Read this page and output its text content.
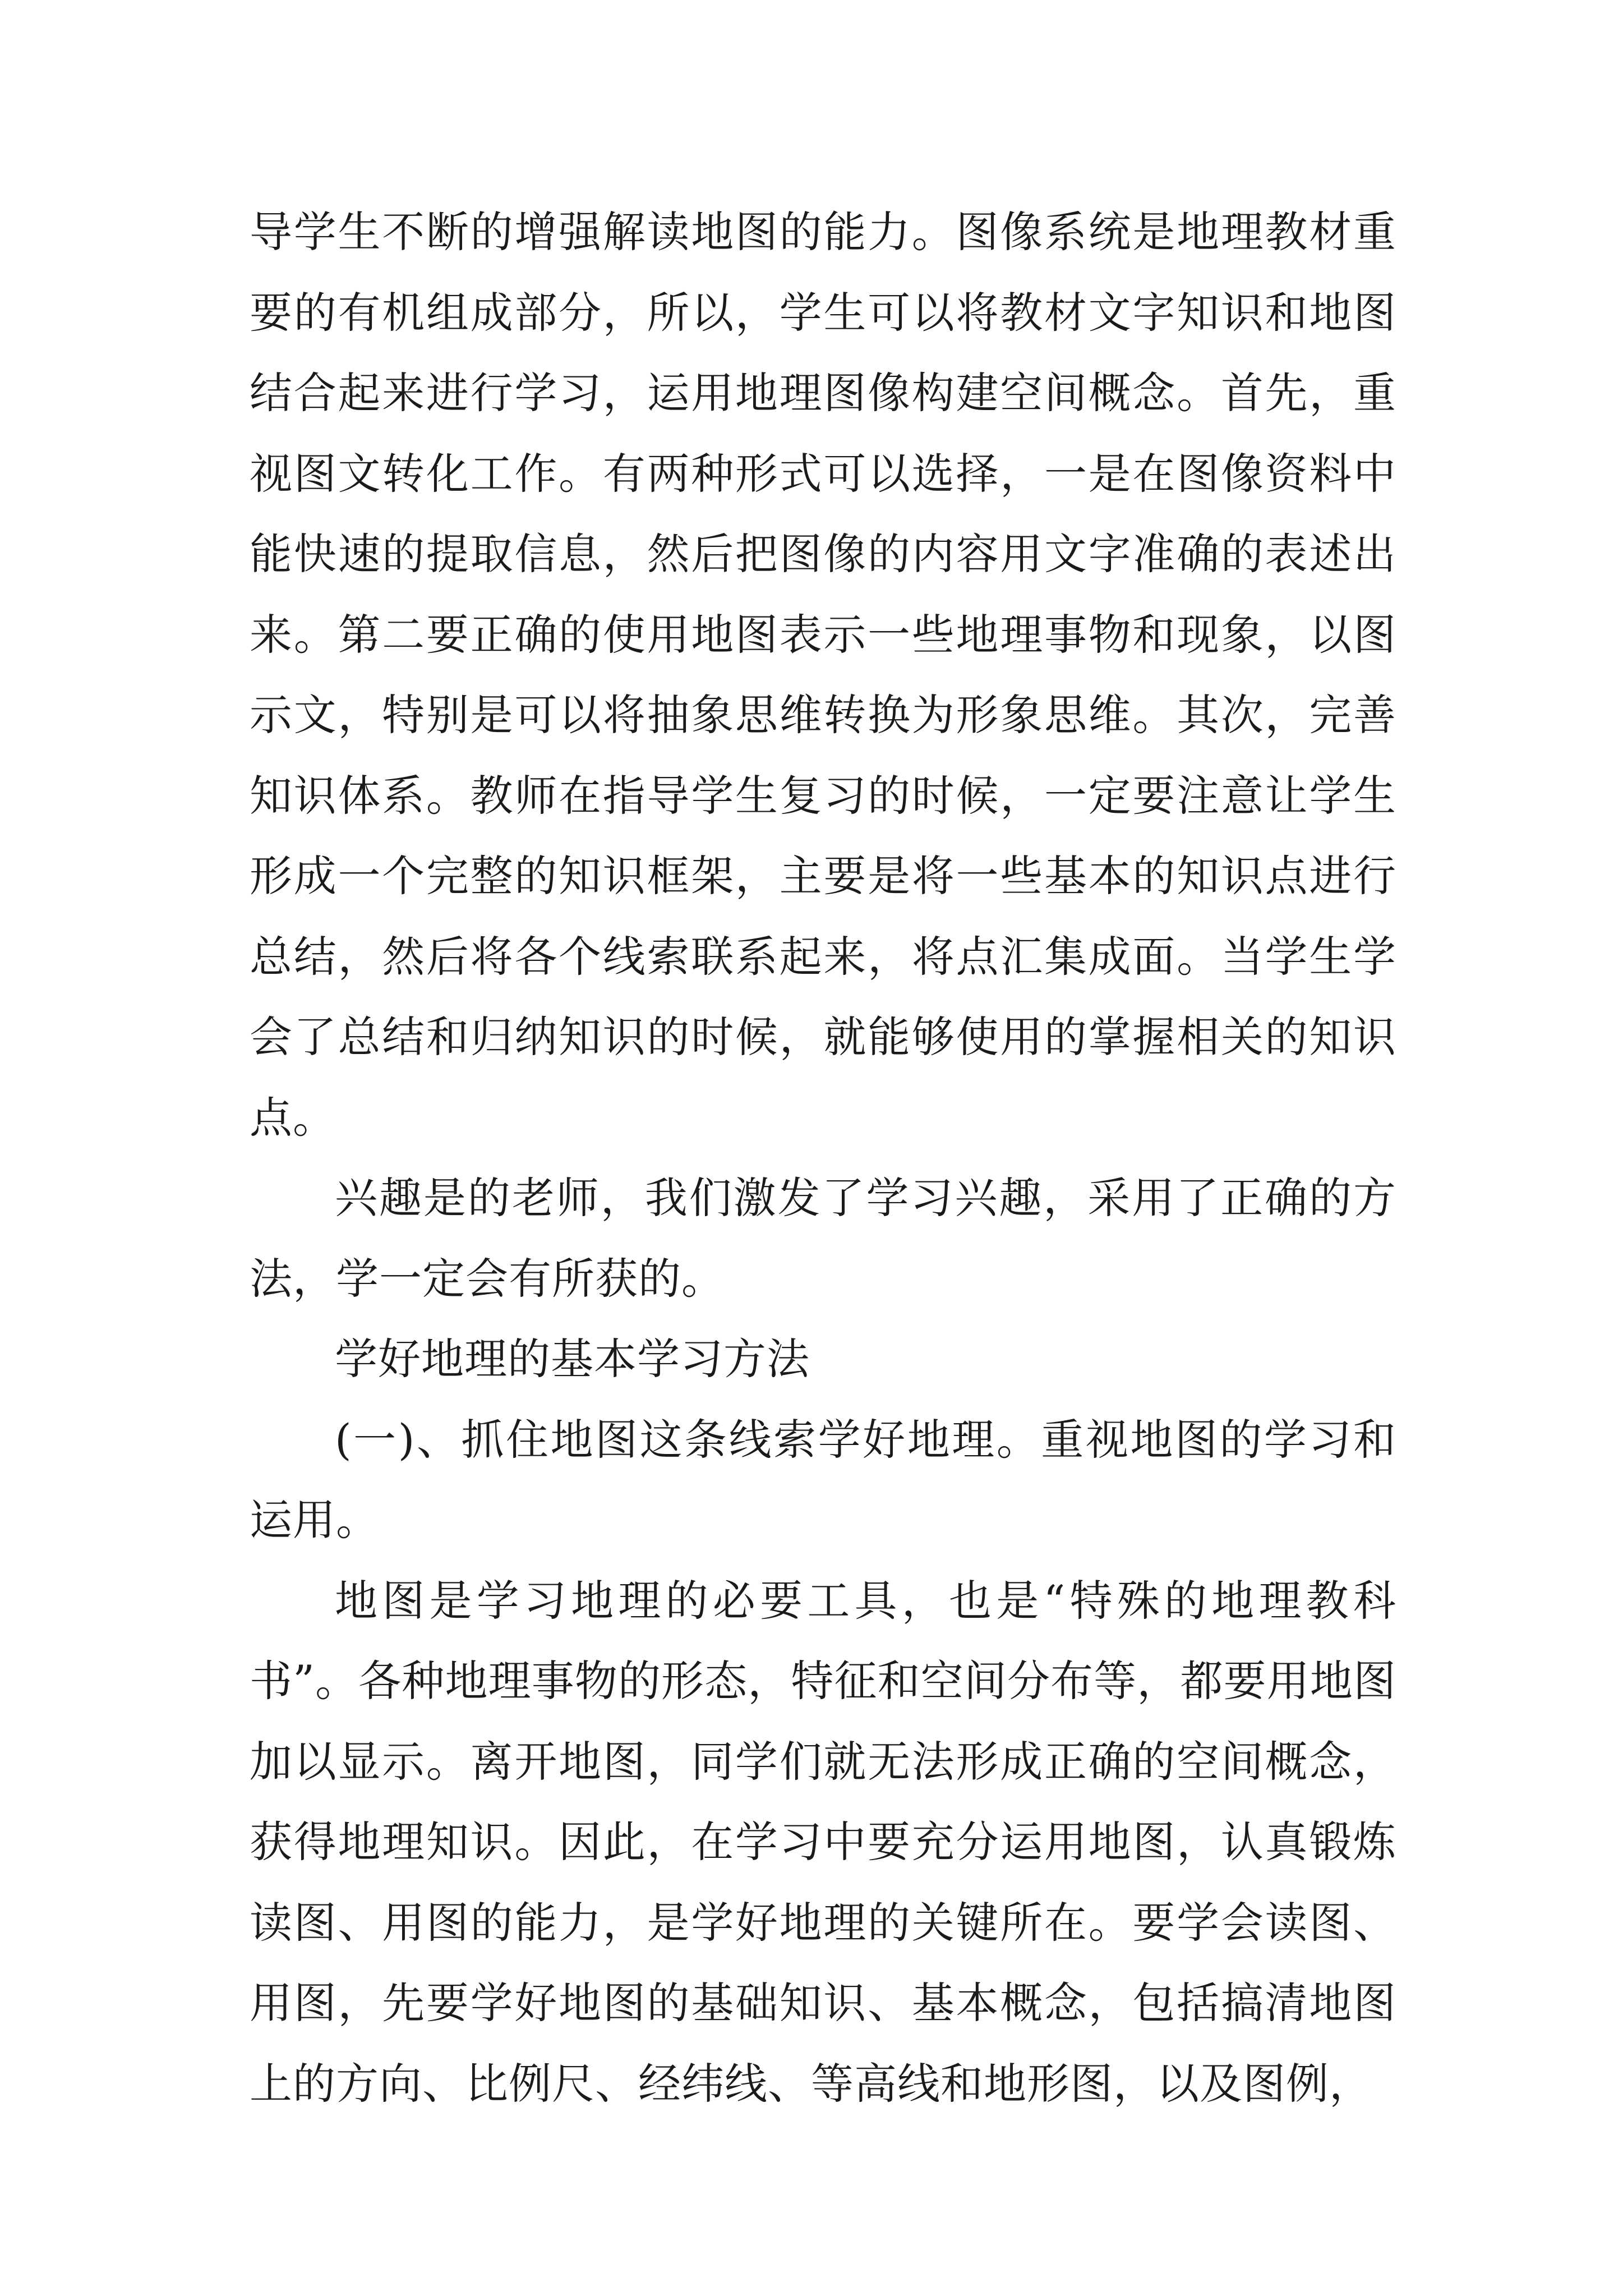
导学生不断的增强解读地图的能力。图像系统是地理教材重要的有机组成部分，所以，学生可以将教材文字知识和地图结合起来进行学习，运用地理图像构建空间概念。首先，重视图文转化工作。有两种形式可以选择，一是在图像资料中能快速的提取信息，然后把图像的内容用文字准确的表述出来。第二要正确的使用地图表示一些地理事物和现象，以图示文，特别是可以将抽象思维转换为形象思维。其次，完善知识体系。教师在指导学生复习的时候，一定要注意让学生形成一个完整的知识框架，主要是将一些基本的知识点进行总结，然后将各个线索联系起来，将点汇集成面。当学生学会了总结和归纳知识的时候，就能够使用的掌握相关的知识点。

兴趣是的老师，我们激发了学习兴趣，采用了正确的方法，学一定会有所获的。

学好地理的基本学习方法

(一)、抓住地图这条线索学好地理。重视地图的学习和运用。

地图是学习地理的必要工具，也是“特殊的地理教科书”。各种地理事物的形态，特征和空间分布等，都要用地图加以显示。离开地图，同学们就无法形成正确的空间概念，获得地理知识。因此，在学习中要充分运用地图，认真锻炼读图、用图的能力，是学好地理的关键所在。要学会读图、用图，先要学好地图的基础知识、基本概念，包括搞清地图上的方向、比例尺、经纬线、等高线和地形图，以及图例，
